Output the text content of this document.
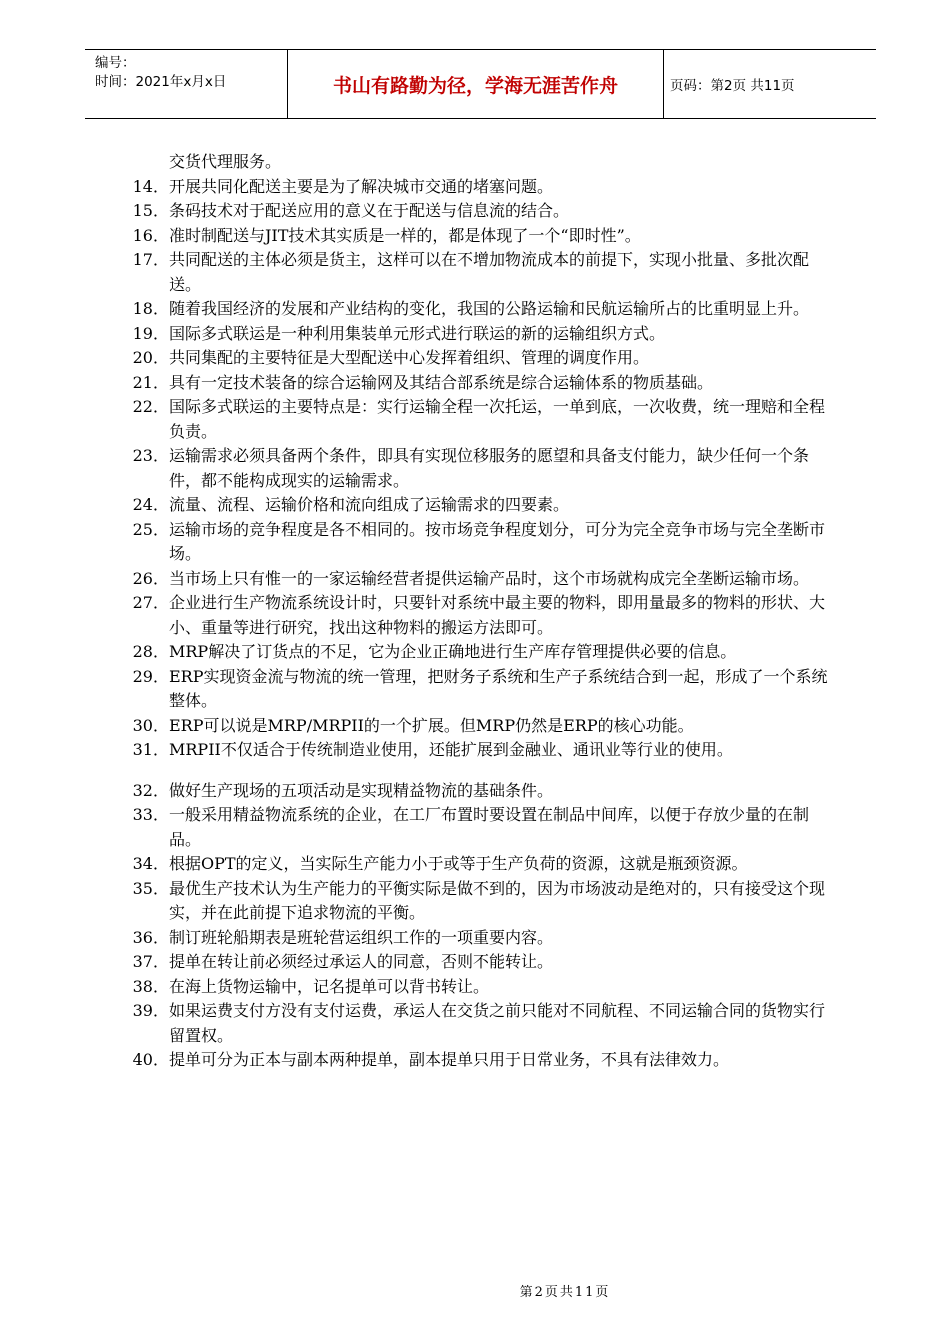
编号：
时间：2021年x月x日	书山有路勤为径，学海无涯苦作舟	页码：第2页 共11页
交货代理服务。
14． 开展共同化配送主要是为了解决城市交通的堵塞问题。
15． 条码技术对于配送应用的意义在于配送与信息流的结合。
16． 准时制配送与JIT技术其实质是一样的，都是体现了一个“即时性”。
17． 共同配送的主体必须是货主，这样可以在不增加物流成本的前提下，实现小批量、多批次配送。
18． 随着我国经济的发展和产业结构的变化，我国的公路运输和民航运输所占的比重明显上升。
19． 国际多式联运是一种利用集装单元形式进行联运的新的运输组织方式。
20． 共同集配的主要特征是大型配送中心发挥着组织、管理的调度作用。
21． 具有一定技术装备的综合运输网及其结合部系统是综合运输体系的物质基础。
22． 国际多式联运的主要特点是：实行运输全程一次托运，一单到底，一次收费，统一理赔和全程负责。
23． 运输需求必须具备两个条件，即具有实现位移服务的愿望和具备支付能力，缺少任何一个条件，都不能构成现实的运输需求。
24． 流量、流程、运输价格和流向组成了运输需求的四要素。
25． 运输市场的竞争程度是各不相同的。按市场竞争程度划分，可分为完全竞争市场与完全垄断市场。
26． 当市场上只有惟一的一家运输经营者提供运输产品时，这个市场就构成完全垄断运输市场。
27． 企业进行生产物流系统设计时，只要针对系统中最主要的物料，即用量最多的物料的形状、大小、重量等进行研究，找出这种物料的搬运方法即可。
28． MRP解决了订货点的不足，它为企业正确地进行生产库存管理提供必要的信息。
29． ERP实现资金流与物流的统一管理，把财务子系统和生产子系统结合到一起，形成了一个系统整体。
30． ERP可以说是MRP/MRPII的一个扩展。但MRP仍然是ERP的核心功能。
31． MRPII不仅适合于传统制造业使用，还能扩展到金融业、通讯业等行业的使用。
32． 做好生产现场的五项活动是实现精益物流的基础条件。
33． 一般采用精益物流系统的企业，在工厂布置时要设置在制品中间库，以便于存放少量的在制品。
34． 根据OPT的定义，当实际生产能力小于或等于生产负荷的资源，这就是瓶颈资源。
35． 最优生产技术认为生产能力的平衡实际是做不到的，因为市场波动是绝对的，只有接受这个现实，并在此前提下追求物流的平衡。
36． 制订班轮船期表是班轮营运组织工作的一项重要内容。
37． 提单在转让前必须经过承运人的同意，否则不能转让。
38． 在海上货物运输中，记名提单可以背书转让。
39． 如果运费支付方没有支付运费，承运人在交货之前只能对不同航程、不同运输合同的货物实行留置权。
40． 提单可分为正本与副本两种提单，副本提单只用于日常业务，不具有法律效力。
第2页共11页
